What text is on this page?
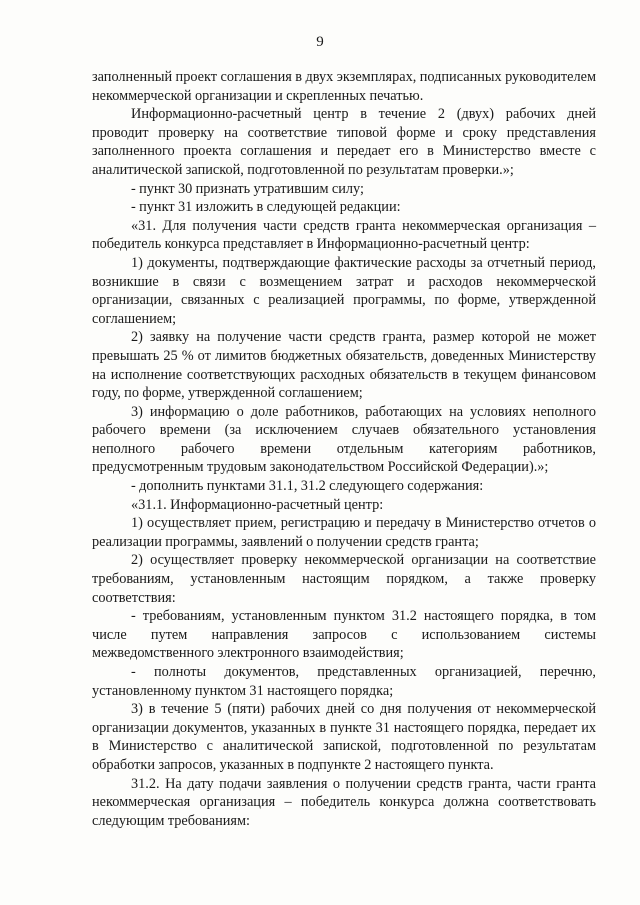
9

заполненный проект соглашения в двух экземплярах, подписанных руководителем некоммерческой организации и скрепленных печатью.

Информационно-расчетный центр в течение 2 (двух) рабочих дней проводит проверку на соответствие типовой форме и сроку представления заполненного проекта соглашения и передает его в Министерство вместе с аналитической запиской, подготовленной по результатам проверки.»;

- пункт 30 признать утратившим силу;

- пункт 31 изложить в следующей редакции:

«31. Для получения части средств гранта некоммерческая организация – победитель конкурса представляет в Информационно-расчетный центр:

1) документы, подтверждающие фактические расходы за отчетный период, возникшие в связи с возмещением затрат и расходов некоммерческой организации, связанных с реализацией программы, по форме, утвержденной соглашением;

2) заявку на получение части средств гранта, размер которой не может превышать 25 % от лимитов бюджетных обязательств, доведенных Министерству на исполнение соответствующих расходных обязательств в текущем финансовом году, по форме, утвержденной соглашением;

3) информацию о доле работников, работающих на условиях неполного рабочего времени (за исключением случаев обязательного установления неполного рабочего времени отдельным категориям работников, предусмотренным трудовым законодательством Российской Федерации).»;

- дополнить пунктами 31.1, 31.2 следующего содержания:

«31.1. Информационно-расчетный центр:

1) осуществляет прием, регистрацию и передачу в Министерство отчетов о реализации программы, заявлений о получении средств гранта;

2) осуществляет проверку некоммерческой организации на соответствие требованиям, установленным настоящим порядком, а также проверку соответствия:

- требованиям, установленным пунктом 31.2 настоящего порядка, в том числе путем направления запросов с использованием системы межведомственного электронного взаимодействия;

- полноты документов, представленных организацией, перечню, установленному пунктом 31 настоящего порядка;

3) в течение 5 (пяти) рабочих дней со дня получения от некоммерческой организации документов, указанных в пункте 31 настоящего порядка, передает их в Министерство с аналитической запиской, подготовленной по результатам обработки запросов, указанных в подпункте 2 настоящего пункта.

31.2. На дату подачи заявления о получении средств гранта, части гранта некоммерческая организация – победитель конкурса должна соответствовать следующим требованиям:
